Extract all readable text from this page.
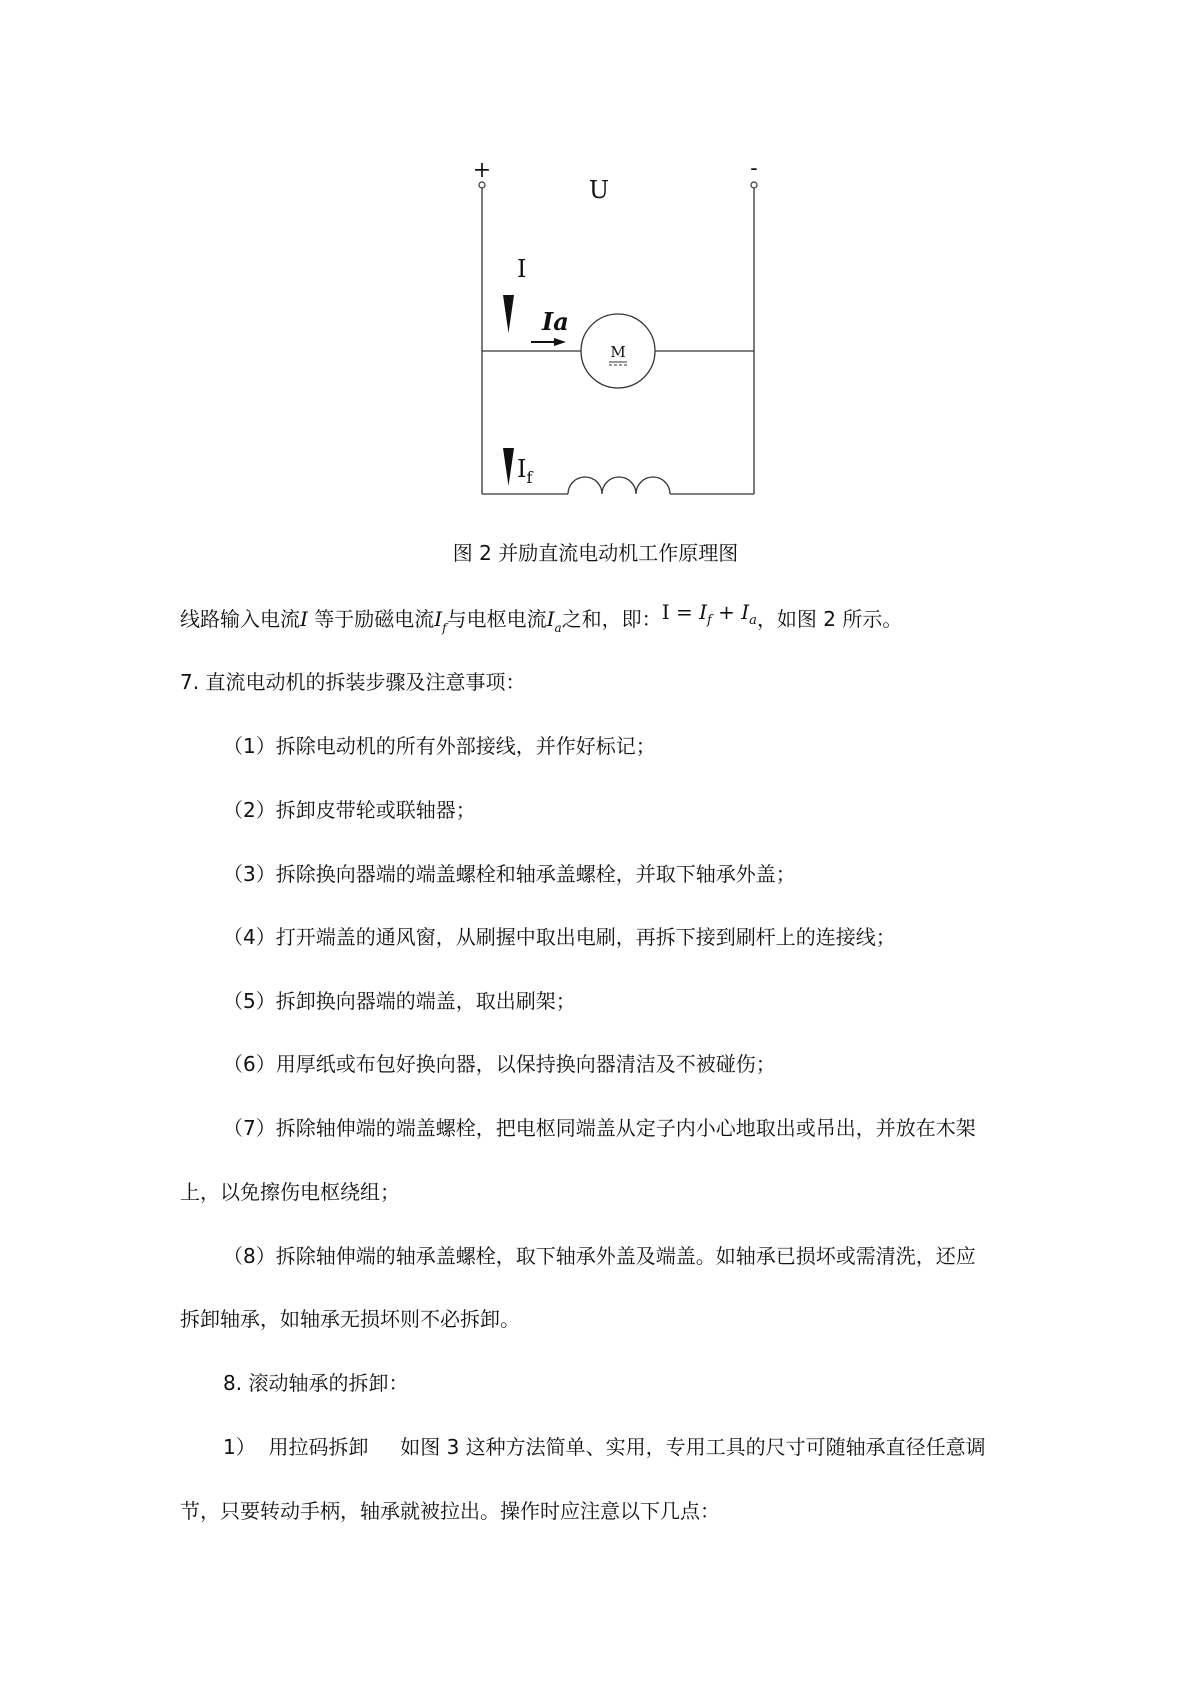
+	-
U
I
Ia
M
$I_f$
图 2 并励直流电动机工作原理图
线路输入电流I 等于励磁电流$I_f$与电枢电流$I_a$之和，即：$I = I_f + I_a$，如图 2 所示。
7. 直流电动机的拆装步骤及注意事项：
（1）拆除电动机的所有外部接线，并作好标记；
（2）拆卸皮带轮或联轴器；
（3）拆除换向器端的端盖螺栓和轴承盖螺栓，并取下轴承外盖；
（4）打开端盖的通风窗，从刷握中取出电刷，再拆下接到刷杆上的连接线；
（5）拆卸换向器端的端盖，取出刷架；
（6）用厚纸或布包好换向器，以保持换向器清洁及不被碰伤；
（7）拆除轴伸端的端盖螺栓，把电枢同端盖从定子内小心地取出或吊出，并放在木架
上，以免擦伤电枢绕组；
（8）拆除轴伸端的轴承盖螺栓，取下轴承外盖及端盖。如轴承已损坏或需清洗，还应
拆卸轴承，如轴承无损坏则不必拆卸。
8. 滚动轴承的拆卸：
1）  用拉码拆卸     如图 3 这种方法简单、实用，专用工具的尺寸可随轴承直径任意调
节，只要转动手柄，轴承就被拉出。操作时应注意以下几点：
